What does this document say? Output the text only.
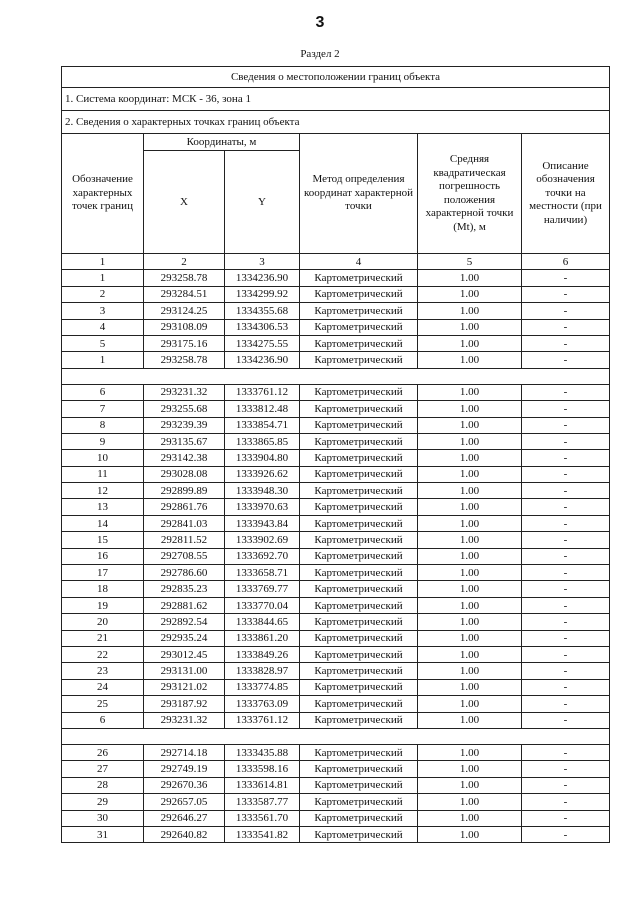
3
Раздел 2
Сведения о местоположении границ объекта					
1. Система координат: МСК - 36, зона 1					
2. Сведения о характерных точках границ объекта					
Обозначение характерных точек границ	Координаты, м		Метод определения координат характерной точки	Средняя квадратическая погрешность положения характерной точки (Mt), м	Описание обозначения точки на местности (при наличии)
	X	Y			
1	2	3	4	5	6
1	293258.78	1334236.90	Картометрический	1.00	-
2	293284.51	1334299.92	Картометрический	1.00	-
3	293124.25	1334355.68	Картометрический	1.00	-
4	293108.09	1334306.53	Картометрический	1.00	-
5	293175.16	1334275.55	Картометрический	1.00	-
1	293258.78	1334236.90	Картометрический	1.00	-

6	293231.32	1333761.12	Картометрический	1.00	-
7	293255.68	1333812.48	Картометрический	1.00	-
8	293239.39	1333854.71	Картометрический	1.00	-
9	293135.67	1333865.85	Картометрический	1.00	-
10	293142.38	1333904.80	Картометрический	1.00	-
11	293028.08	1333926.62	Картометрический	1.00	-
12	292899.89	1333948.30	Картометрический	1.00	-
13	292861.76	1333970.63	Картометрический	1.00	-
14	292841.03	1333943.84	Картометрический	1.00	-
15	292811.52	1333902.69	Картометрический	1.00	-
16	292708.55	1333692.70	Картометрический	1.00	-
17	292786.60	1333658.71	Картометрический	1.00	-
18	292835.23	1333769.77	Картометрический	1.00	-
19	292881.62	1333770.04	Картометрический	1.00	-
20	292892.54	1333844.65	Картометрический	1.00	-
21	292935.24	1333861.20	Картометрический	1.00	-
22	293012.45	1333849.26	Картометрический	1.00	-
23	293131.00	1333828.97	Картометрический	1.00	-
24	293121.02	1333774.85	Картометрический	1.00	-
25	293187.92	1333763.09	Картометрический	1.00	-
6	293231.32	1333761.12	Картометрический	1.00	-

26	292714.18	1333435.88	Картометрический	1.00	-
27	292749.19	1333598.16	Картометрический	1.00	-
28	292670.36	1333614.81	Картометрический	1.00	-
29	292657.05	1333587.77	Картометрический	1.00	-
30	292646.27	1333561.70	Картометрический	1.00	-
31	292640.82	1333541.82	Картометрический	1.00	-
